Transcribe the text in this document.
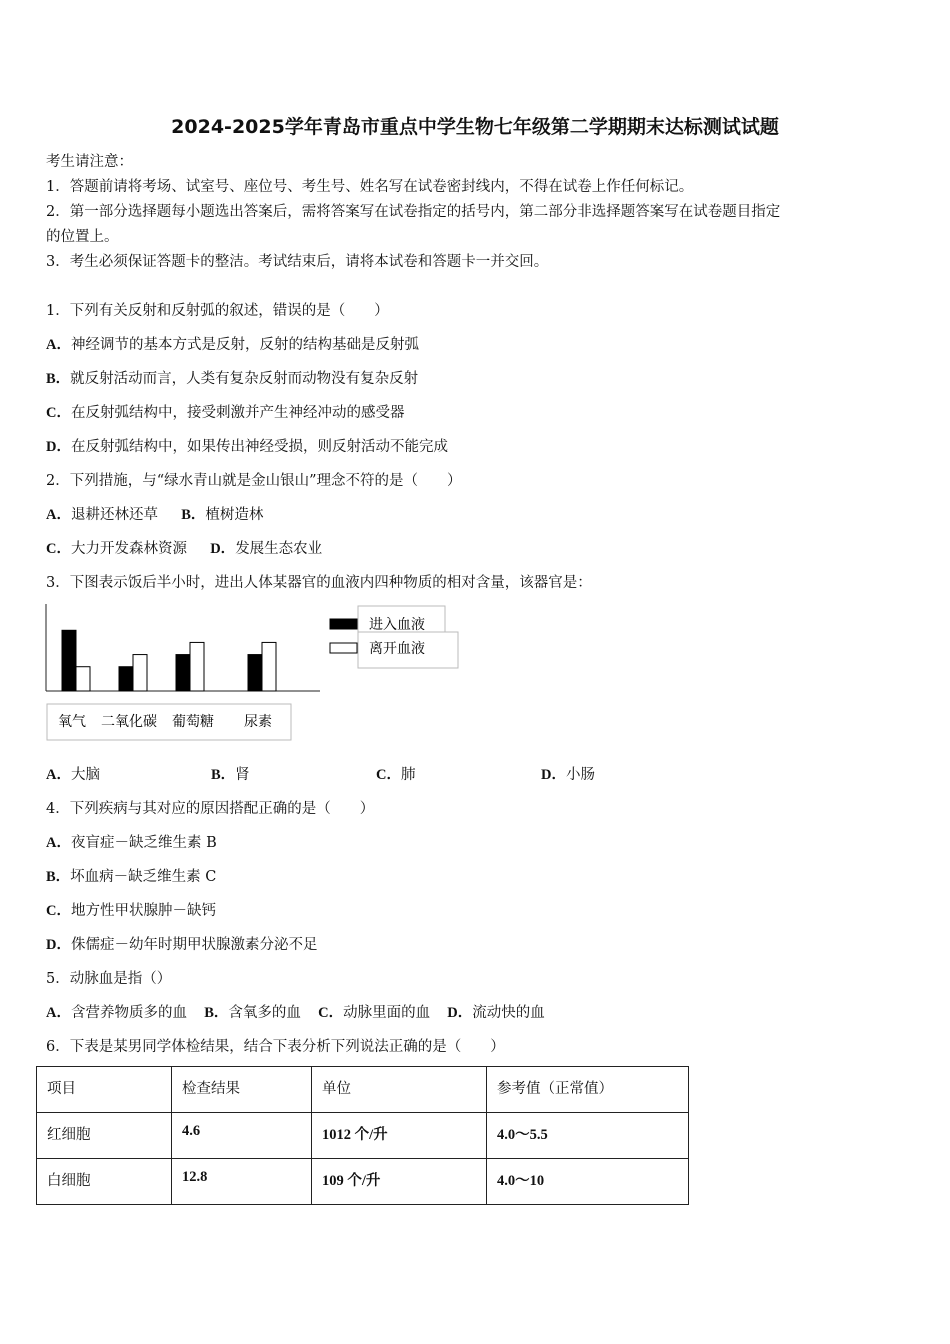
2024-2025学年青岛市重点中学生物七年级第二学期期末达标测试试题
考生请注意：
1．答题前请将考场、试室号、座位号、考生号、姓名写在试卷密封线内，不得在试卷上作任何标记。
2．第一部分选择题每小题选出答案后，需将答案写在试卷指定的括号内，第二部分非选择题答案写在试卷题目指定
的位置上。
3．考生必须保证答题卡的整洁。考试结束后，请将本试卷和答题卡一并交回。
1．下列有关反射和反射弧的叙述，错误的是（　　）
A．神经调节的基本方式是反射，反射的结构基础是反射弧
B．就反射活动而言，人类有复杂反射而动物没有复杂反射
C．在反射弧结构中，接受刺激并产生神经冲动的感受器
D．在反射弧结构中，如果传出神经受损，则反射活动不能完成
2．下列措施，与“绿水青山就是金山银山”理念不符的是（　　）
A．退耕还林还草 B．植树造林
C．大力开发森林资源 D．发展生态农业
3．下图表示饭后半小时，进出人体某器官的血液内四种物质的相对含量，该器官是：
氧气 二氧化碳 葡萄糖 尿素
进入血液
离开血液
A．大脑	B．肾	C．肺	D．小肠
4．下列疾病与其对应的原因搭配正确的是（　　）
A．夜盲症－缺乏维生素 B
B．坏血病－缺乏维生素 C
C．地方性甲状腺肿－缺钙
D．侏儒症－幼年时期甲状腺激素分泌不足
5．动脉血是指（）
A．含营养物质多的血 B．含氧多的血 C．动脉里面的血 D．流动快的血
6．下表是某男同学体检结果，结合下表分析下列说法正确的是（　　）
项目	检查结果	单位	参考值（正常值）
红细胞	4.6	1012 个/升	4.0～5.5
白细胞	12.8	109 个/升	4.0～10
